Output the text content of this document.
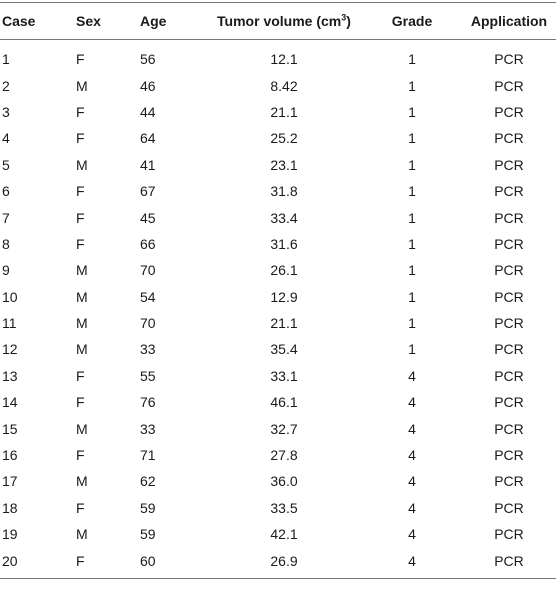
Case	Sex	Age	Tumor volume $(cm^3)$	Grade	Application
1	F	56	12.1	1	PCR
2	M	46	8.42	1	PCR
3	F	44	21.1	1	PCR
4	F	64	25.2	1	PCR
5	M	41	23.1	1	PCR
6	F	67	31.8	1	PCR
7	F	45	33.4	1	PCR
8	F	66	31.6	1	PCR
9	M	70	26.1	1	PCR
10	M	54	12.9	1	PCR
11	M	70	21.1	1	PCR
12	M	33	35.4	1	PCR
13	F	55	33.1	4	PCR
14	F	76	46.1	4	PCR
15	M	33	32.7	4	PCR
16	F	71	27.8	4	PCR
17	M	62	36.0	4	PCR
18	F	59	33.5	4	PCR
19	M	59	42.1	4	PCR
20	F	60	26.9	4	PCR
